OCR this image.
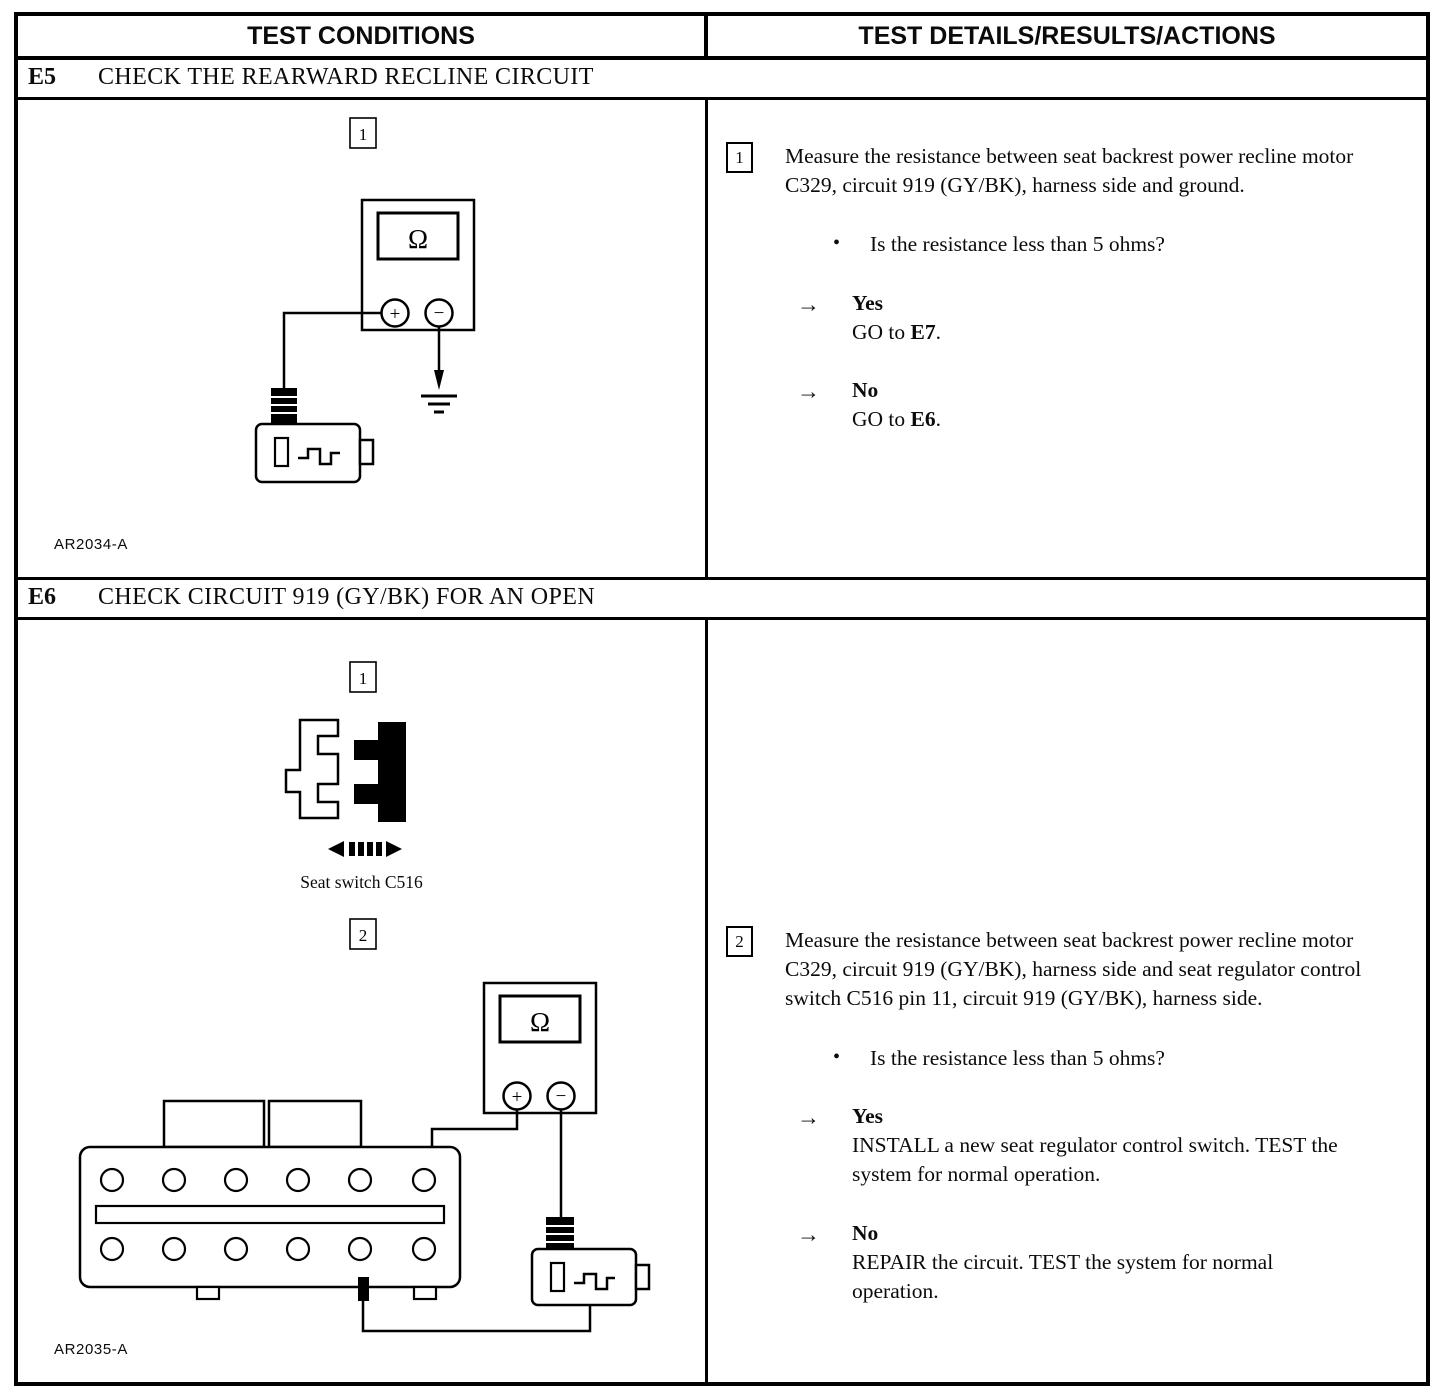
TEST CONDITIONS	TEST DETAILS/RESULTS/ACTIONS
E5 CHECK THE REARWARD RECLINE CIRCUIT
1
Ω
+ −
AR2034-A
1	Measure the resistance between seat backrest power recline motor C329, circuit 919 (GY/BK), harness side and ground.
•	Is the resistance less than 5 ohms?
→	Yes
GO to E7.
→	No
GO to E6.
E6 CHECK CIRCUIT 919 (GY/BK) FOR AN OPEN
1
Seat switch C516
2
Ω
+ −
AR2035-A
2	Measure the resistance between seat backrest power recline motor C329, circuit 919 (GY/BK), harness side and seat regulator control switch C516 pin 11, circuit 919 (GY/BK), harness side.
•	Is the resistance less than 5 ohms?
→	Yes
INSTALL a new seat regulator control switch. TEST the system for normal operation.
→	No
REPAIR the circuit. TEST the system for normal operation.
